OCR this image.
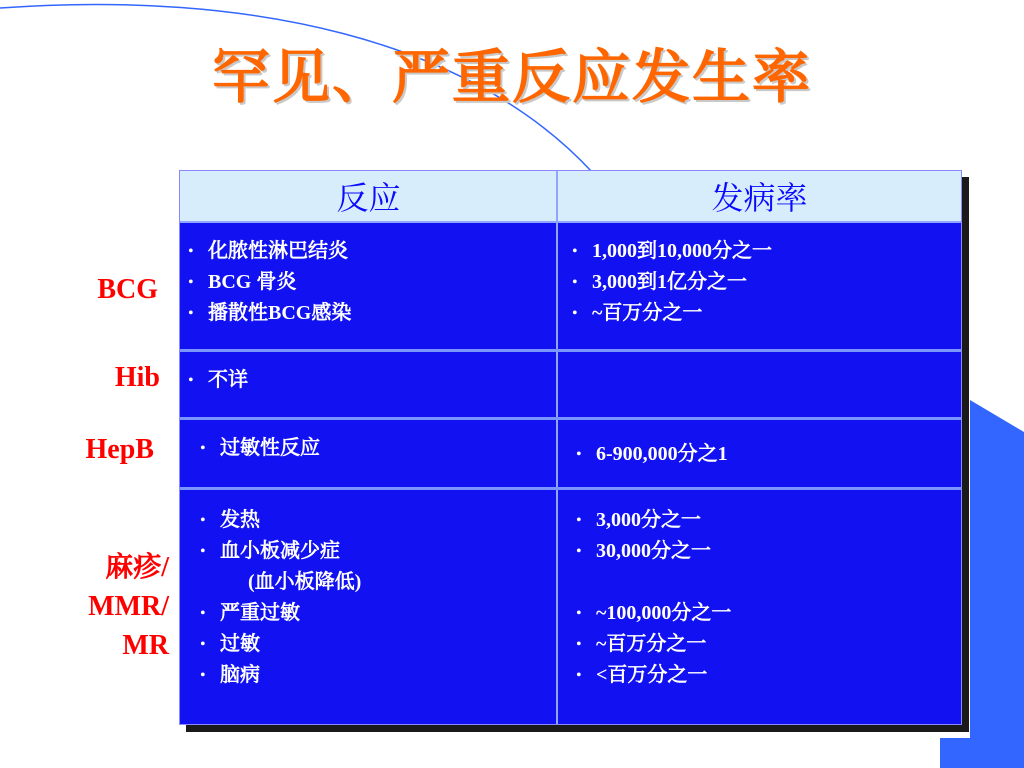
罕见、严重反应发生率
反应	发病率
• 化脓性淋巴结炎
• BCG 骨炎
• 播散性BCG感染
• 1,000到10,000分之一
• 3,000到1亿分之一
• ~百万分之一
• 不详
• 过敏性反应
•	6-900,000分之1
• 发热
• 血小板减少症
(血小板降低)
• 严重过敏
• 过敏
• 脑病
• 3,000分之一
• 30,000分之一
• ~100,000分之一
• ~百万分之一
• <百万分之一
BCG
Hib
HepB
麻疹/
MMR/
MR
